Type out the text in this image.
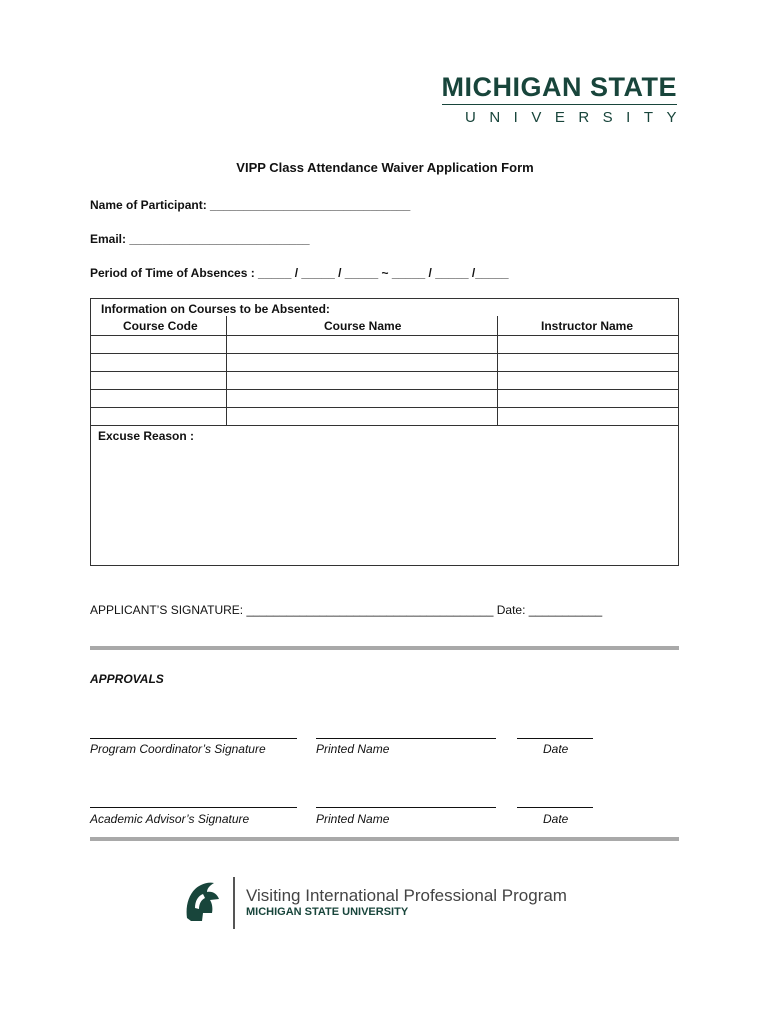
MICHIGAN STATE
UNIVERSITY
VIPP Class Attendance Waiver Application Form
Name of Participant: ______________________________
Email: ___________________________
Period of Time of Absences : _____ / _____ / _____ ~ _____ / _____ /_____
Information on Courses to be Absented:
Course Code	Course Name	Instructor Name
Excuse Reason :
APPLICANT’S SIGNATURE: _____________________________________ Date: ___________
APPROVALS
Program Coordinator’s Signature	Printed Name	Date
Academic Advisor’s Signature	Printed Name	Date
Visiting International Professional Program
MICHIGAN STATE UNIVERSITY
